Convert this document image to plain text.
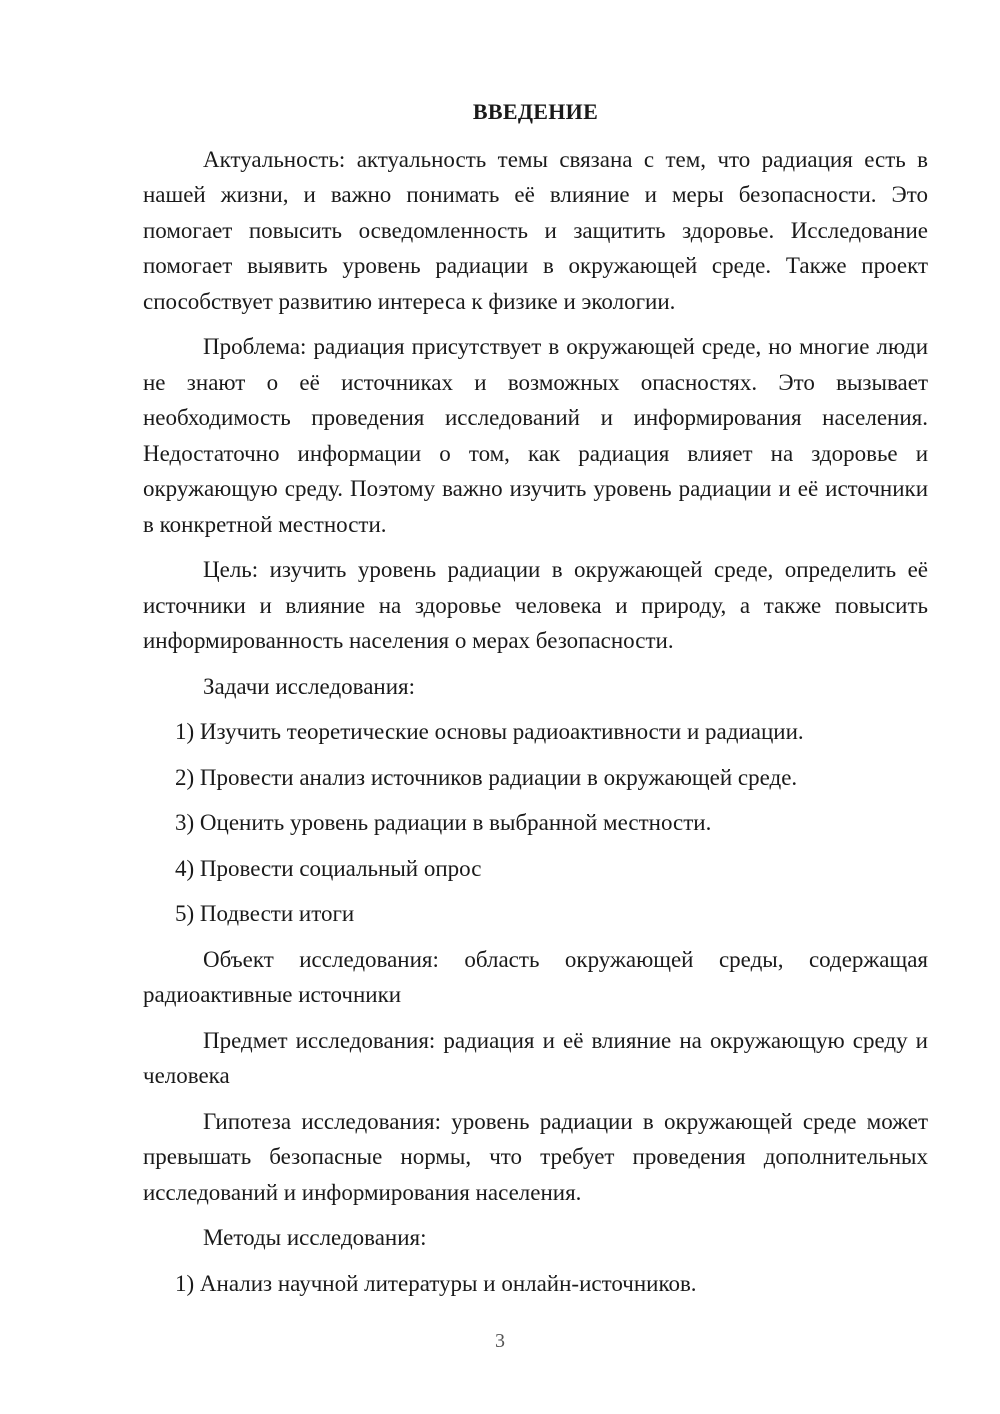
ВВЕДЕНИЕ

Актуальность: актуальность темы связана с тем, что радиация есть в нашей жизни, и важно понимать её влияние и меры безопасности. Это помогает повысить осведомленность и защитить здоровье. Исследование помогает выявить уровень радиации в окружающей среде. Также проект способствует развитию интереса к физике и экологии.

Проблема: радиация присутствует в окружающей среде, но многие люди не знают о её источниках и возможных опасностях. Это вызывает необходимость проведения исследований и информирования населения. Недостаточно информации о том, как радиация влияет на здоровье и окружающую среду. Поэтому важно изучить уровень радиации и её источники в конкретной местности.

Цель: изучить уровень радиации в окружающей среде, определить её источники и влияние на здоровье человека и природу, а также повысить информированность населения о мерах безопасности.

Задачи исследования:

1) Изучить теоретические основы радиоактивности и радиации.
2) Провести анализ источников радиации в окружающей среде.
3) Оценить уровень радиации в выбранной местности.
4) Провести социальный опрос
5) Подвести итоги

Объект исследования: область окружающей среды, содержащая радиоактивные источники

Предмет исследования: радиация и её влияние на окружающую среду и человека

Гипотеза исследования: уровень радиации в окружающей среде может превышать безопасные нормы, что требует проведения дополнительных исследований и информирования населения.

Методы исследования:

1) Анализ научной литературы и онлайн-источников.
3
